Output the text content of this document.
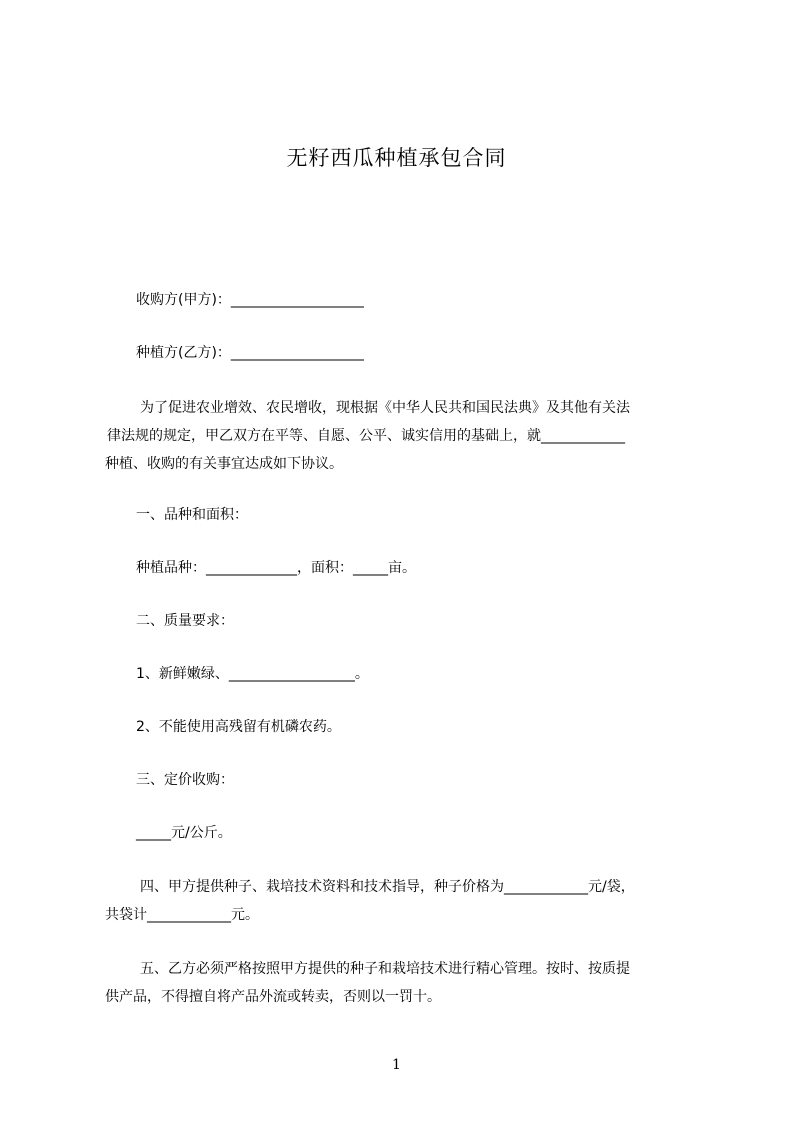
无籽西瓜种植承包合同
收购方(甲方)：___________________
种植方(乙方)：___________________
为了促进农业增效、农民增收，现根据《中华人民共和国民法典》及其他有关法
律法规的规定，甲乙双方在平等、自愿、公平、诚实信用的基础上，就____________
种植、收购的有关事宜达成如下协议。
一、品种和面积：
种植品种：_____________，面积：_____亩。
二、质量要求：
1、新鲜嫩绿、__________________。
2、不能使用高残留有机磷农药。
三、定价收购：
_____元/公斤。
四、甲方提供种子、栽培技术资料和技术指导，种子价格为____________元/袋，
共袋计____________元。
五、乙方必须严格按照甲方提供的种子和栽培技术进行精心管理。按时、按质提
供产品，不得擅自将产品外流或转卖，否则以一罚十。
1
